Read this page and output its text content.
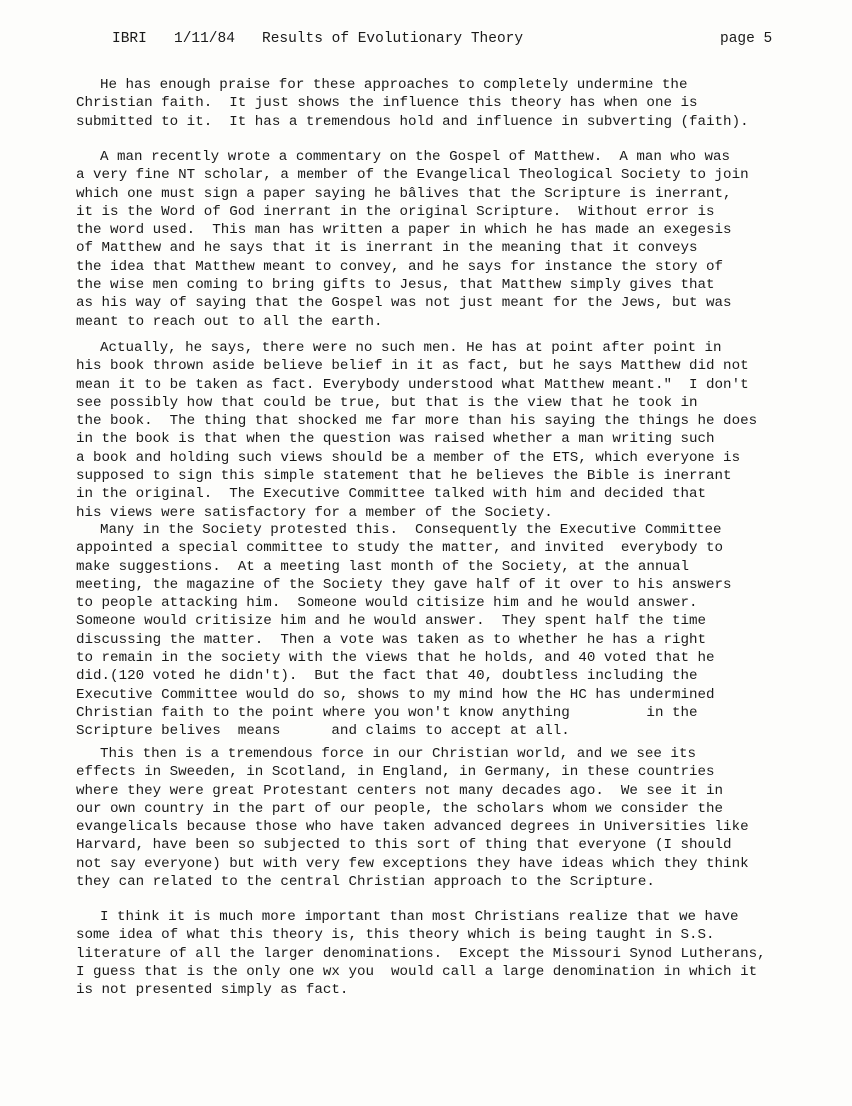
IBRI 1/11/84 Results of Evolutionary Theory	page 5
He has enough praise for these approaches to completely undermine the
Christian faith.  It just shows the influence this theory has when one is
submitted to it.  It has a tremendous hold and influence in subverting (faith).
A man recently wrote a commentary on the Gospel of Matthew.  A man who was
a very fine NT scholar, a member of the Evangelical Theological Society to join
which one must sign a paper saying he bâlives that the Scripture is inerrant,
it is the Word of God inerrant in the original Scripture.  Without error is
the word used.  This man has written a paper in which he has made an exegesis
of Matthew and he says that it is inerrant in the meaning that it conveys
the idea that Matthew meant to convey, and he says for instance the story of
the wise men coming to bring gifts to Jesus, that Matthew simply gives that
as his way of saying that the Gospel was not just meant for the Jews, but was
meant to reach out to all the earth.
Actually, he says, there were no such men. He has at point after point in
his book thrown aside believe belief in it as fact, but he says Matthew did not
mean it to be taken as fact. Everybody understood what Matthew meant."  I don't
see possibly how that could be true, but that is the view that he took in
the book.  The thing that shocked me far more than his saying the things he does
in the book is that when the question was raised whether a man writing such
a book and holding such views should be a member of the ETS, which everyone is
supposed to sign this simple statement that he believes the Bible is inerrant
in the original.  The Executive Committee talked with him and decided that
his views were satisfactory for a member of the Society.
Many in the Society protested this.  Consequently the Executive Committee
appointed a special committee to study the matter, and invited  everybody to
make suggestions.  At a meeting last month of the Society, at the annual
meeting, the magazine of the Society they gave half of it over to his answers
to people attacking him.  Someone would citisize him and he would answer.
Someone would critisize him and he would answer.  They spent half the time
discussing the matter.  Then a vote was taken as to whether he has a right
to remain in the society with the views that he holds, and 40 voted that he
did.(120 voted he didn't).  But the fact that 40, doubtless including the
Executive Committee would do so, shows to my mind how the HC has undermined
Christian faith to the point where you won't know anything         in the
Scripture belives  means      and claims to accept at all.
This then is a tremendous force in our Christian world, and we see its
effects in Sweeden, in Scotland, in England, in Germany, in these countries
where they were great Protestant centers not many decades ago.  We see it in
our own country in the part of our people, the scholars whom we consider the
evangelicals because those who have taken advanced degrees in Universities like
Harvard, have been so subjected to this sort of thing that everyone (I should
not say everyone) but with very few exceptions they have ideas which they think
they can related to the central Christian approach to the Scripture.
I think it is much more important than most Christians realize that we have
some idea of what this theory is, this theory which is being taught in S.S.
literature of all the larger denominations.  Except the Missouri Synod Lutherans,
I guess that is the only one wx you  would call a large denomination in which it
is not presented simply as fact.
